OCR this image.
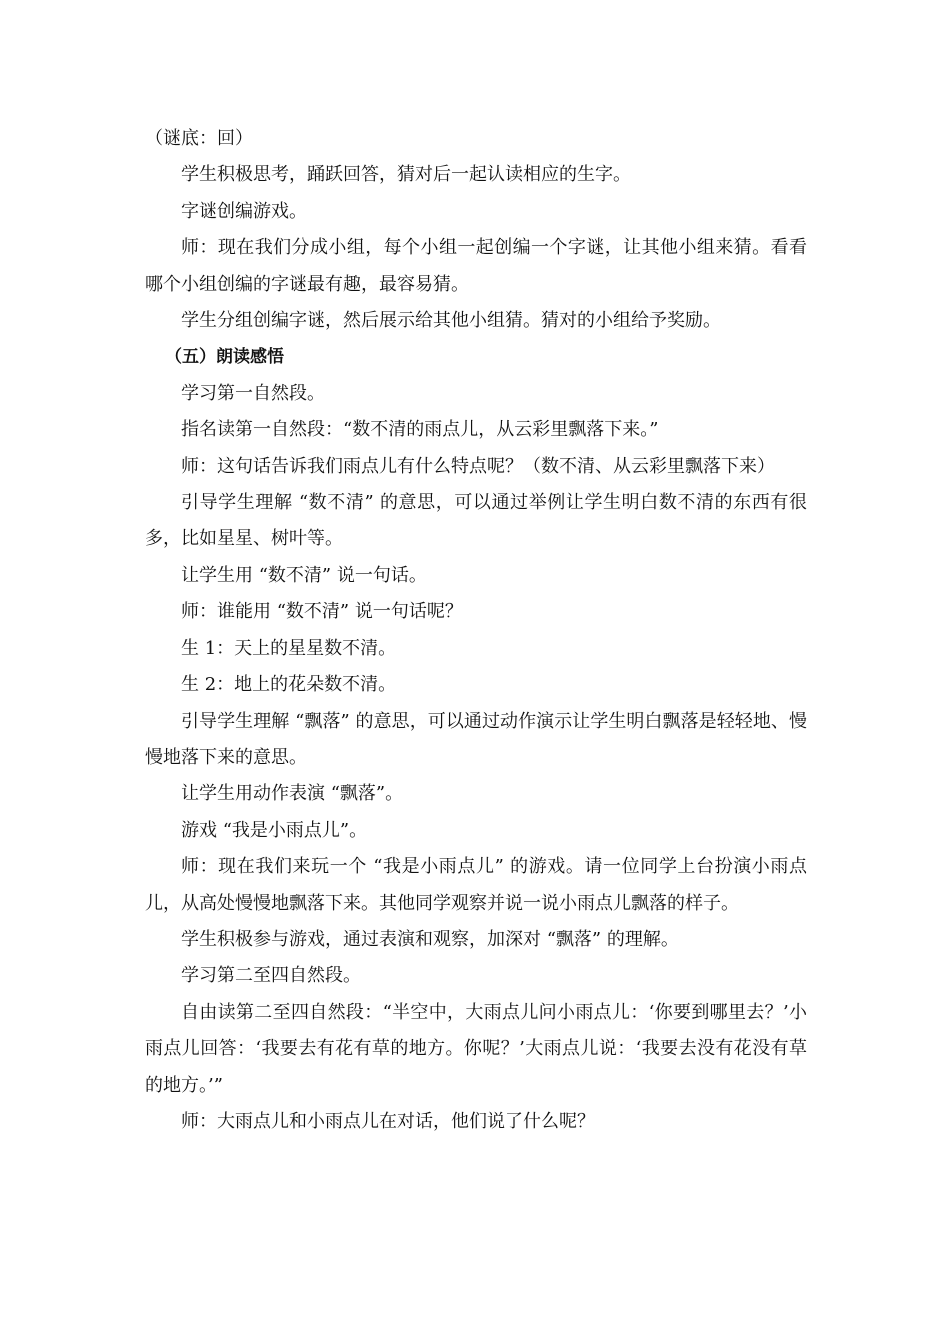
（谜底：回）

学生积极思考，踊跃回答，猜对后一起认读相应的生字。

字谜创编游戏。

师：现在我们分成小组，每个小组一起创编一个字谜，让其他小组来猜。看看哪个小组创编的字谜最有趣，最容易猜。

学生分组创编字谜，然后展示给其他小组猜。猜对的小组给予奖励。

（五）朗读感悟

学习第一自然段。

指名读第一自然段：“数不清的雨点儿，从云彩里飘落下来。”

师：这句话告诉我们雨点儿有什么特点呢？（数不清、从云彩里飘落下来）

引导学生理解 “数不清” 的意思，可以通过举例让学生明白数不清的东西有很多，比如星星、树叶等。

让学生用 “数不清” 说一句话。

师：谁能用 “数不清” 说一句话呢？

生 1：天上的星星数不清。

生 2：地上的花朵数不清。

引导学生理解 “飘落” 的意思，可以通过动作演示让学生明白飘落是轻轻地、慢慢地落下来的意思。

让学生用动作表演 “飘落”。

游戏 “我是小雨点儿”。

师：现在我们来玩一个 “我是小雨点儿” 的游戏。请一位同学上台扮演小雨点儿，从高处慢慢地飘落下来。其他同学观察并说一说小雨点儿飘落的样子。

学生积极参与游戏，通过表演和观察，加深对 “飘落” 的理解。

学习第二至四自然段。

自由读第二至四自然段：“半空中，大雨点儿问小雨点儿：‘你要到哪里去？’小雨点儿回答：‘我要去有花有草的地方。你呢？’大雨点儿说：‘我要去没有花没有草的地方。’”

师：大雨点儿和小雨点儿在对话，他们说了什么呢？
